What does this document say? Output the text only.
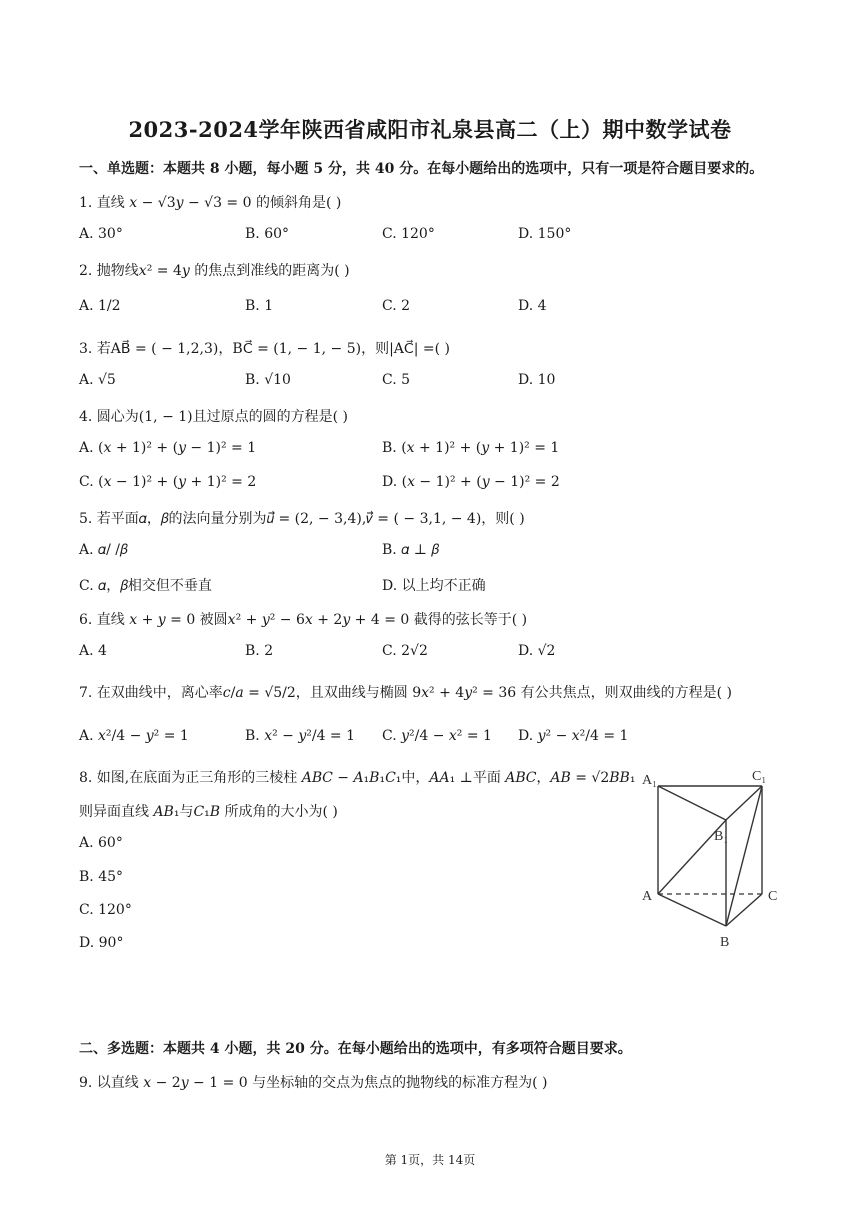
2023-2024学年陕西省咸阳市礼泉县高二（上）期中数学试卷
一、单选题：本题共 8 小题，每小题 5 分，共 40 分。在每小题给出的选项中，只有一项是符合题目要求的。
1. 直线 𝑥 − √3𝑦 − √3 = 0 的倾斜角是( )
A. 30°	B. 60°	C. 120°	D. 150°
2. 抛物线𝑥² = 4𝑦 的焦点到准线的距离为( )
A. 1/2	B. 1	C. 2	D. 4
3. 若AB⃗ = ( − 1,2,3)，BC⃗ = (1, − 1, − 5)，则|AC⃗| =( )
A. √5	B. √10	C. 5	D. 10
4. 圆心为(1, − 1)且过原点的圆的方程是( )
A. (𝑥 + 1)² + (𝑦 − 1)² = 1	B. (𝑥 + 1)² + (𝑦 + 1)² = 1
C. (𝑥 − 1)² + (𝑦 + 1)² = 2	D. (𝑥 − 1)² + (𝑦 − 1)² = 2
5. 若平面𝛼，𝛽的法向量分别为𝑢⃗ = (2, − 3,4),𝑣⃗ = ( − 3,1, − 4)，则( )
A. 𝛼/ /𝛽	B. 𝛼 ⊥ 𝛽
C. 𝛼，𝛽相交但不垂直	D. 以上均不正确
6. 直线 𝑥 + 𝑦 = 0 被圆𝑥² + 𝑦² − 6𝑥 + 2𝑦 + 4 = 0 截得的弦长等于( )
A. 4	B. 2	C. 2√2	D. √2
7. 在双曲线中，离心率𝑐/𝑎 = √5/2，且双曲线与椭圆 9𝑥² + 4𝑦² = 36 有公共焦点，则双曲线的方程是( )
A. 𝑥²/4 − 𝑦² = 1	B. 𝑥² − 𝑦²/4 = 1 C. 𝑦²/4 − 𝑥² = 1 D. 𝑦² − 𝑥²/4 = 1
8. 如图,在底面为正三角形的三棱柱 𝐴𝐵𝐶 − 𝐴₁𝐵₁𝐶₁中，𝐴𝐴₁ ⊥平面 𝐴𝐵𝐶，𝐴𝐵 = √2𝐵𝐵₁
则异面直线 𝐴𝐵₁与𝐶₁𝐵 所成角的大小为( )
A. 60°
B. 45°
C. 120°
D. 90°
A₁	C₁
B₁
A	C
B
二、多选题：本题共 4 小题，共 20 分。在每小题给出的选项中，有多项符合题目要求。
9. 以直线 𝑥 − 2𝑦 − 1 = 0 与坐标轴的交点为焦点的抛物线的标准方程为( )
第 1页，共 14页
